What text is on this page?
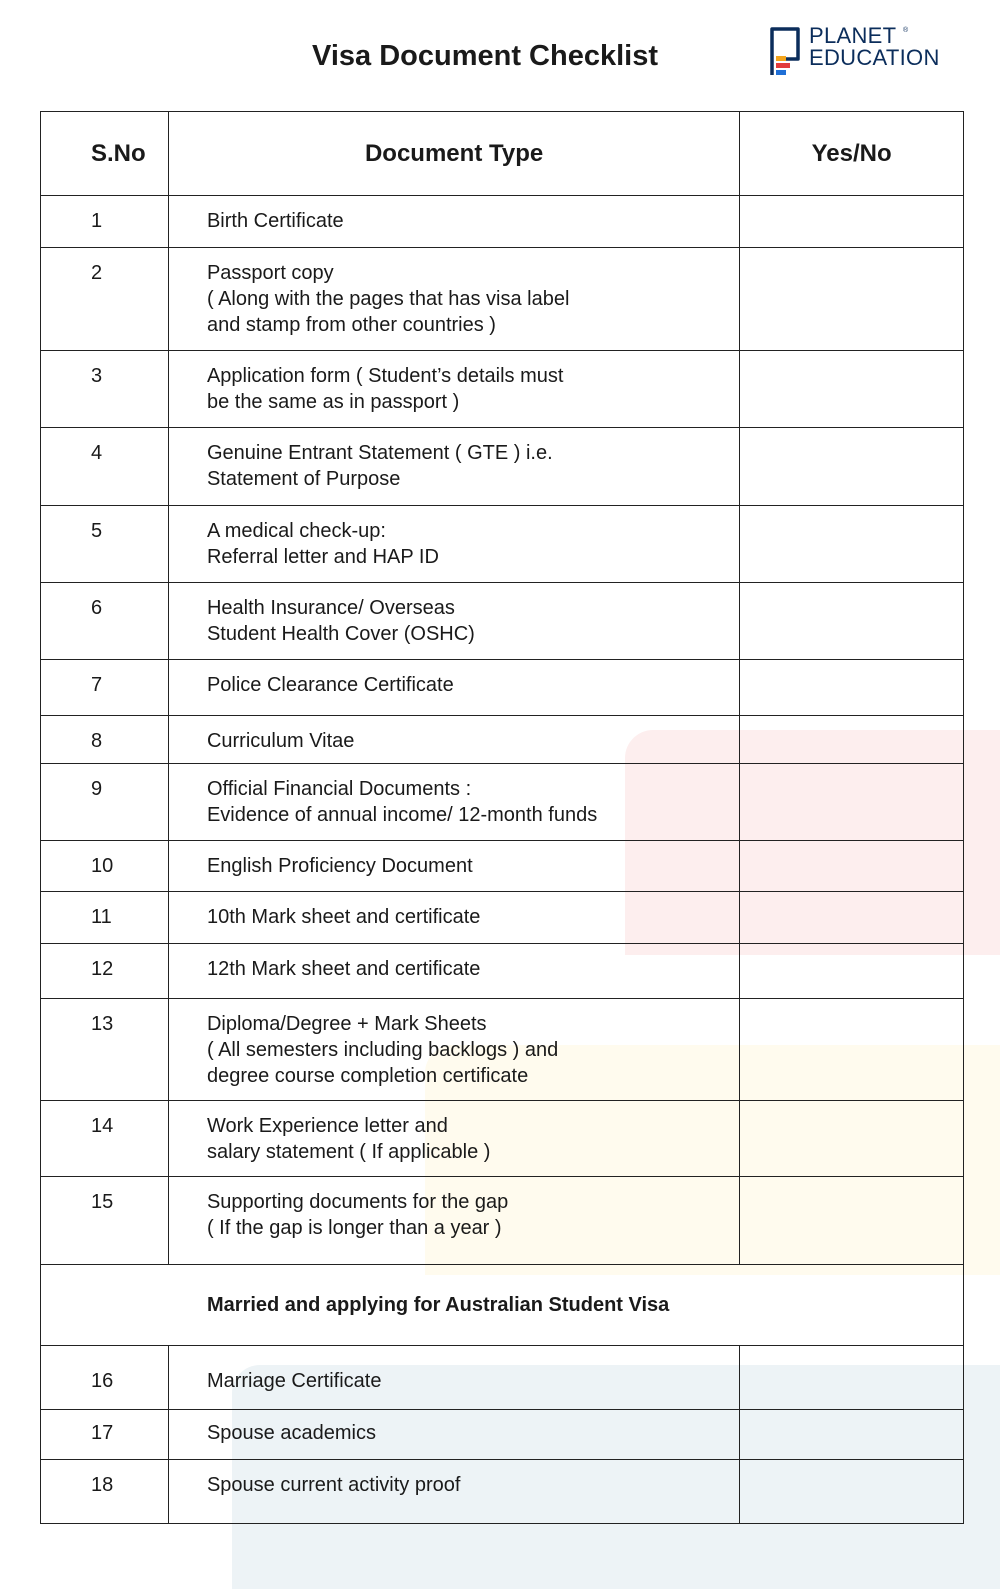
Visa Document Checklist
PLANET
EDUCATION
®
S.No	Document Type	Yes/No
1	Birth Certificate	

2	Passport copy
( Along with the pages that has visa label
and stamp from other countries )	

3	Application form ( Student’s details must
be the same as in passport )	

4	Genuine Entrant Statement ( GTE ) i.e.
Statement of Purpose	

5	A medical check-up:
Referral letter and HAP ID	

6	Health Insurance/ Overseas
Student Health Cover (OSHC)	

7	Police Clearance Certificate	

8	Curriculum Vitae	

9	Official Financial Documents :
Evidence of annual income/ 12-month funds	

10	English Proficiency Document	

11	10th Mark sheet and certificate	

12	12th Mark sheet and certificate	

13	Diploma/Degree + Mark Sheets
( All semesters including backlogs ) and
degree course completion certificate	

14	Work Experience letter and
salary statement ( If applicable )	

15	Supporting documents for the gap
( If the gap is longer than a year )	

Married and applying for Australian Student Visa		
16	Marriage Certificate	

17	Spouse academics	

18	Spouse current activity proof	
